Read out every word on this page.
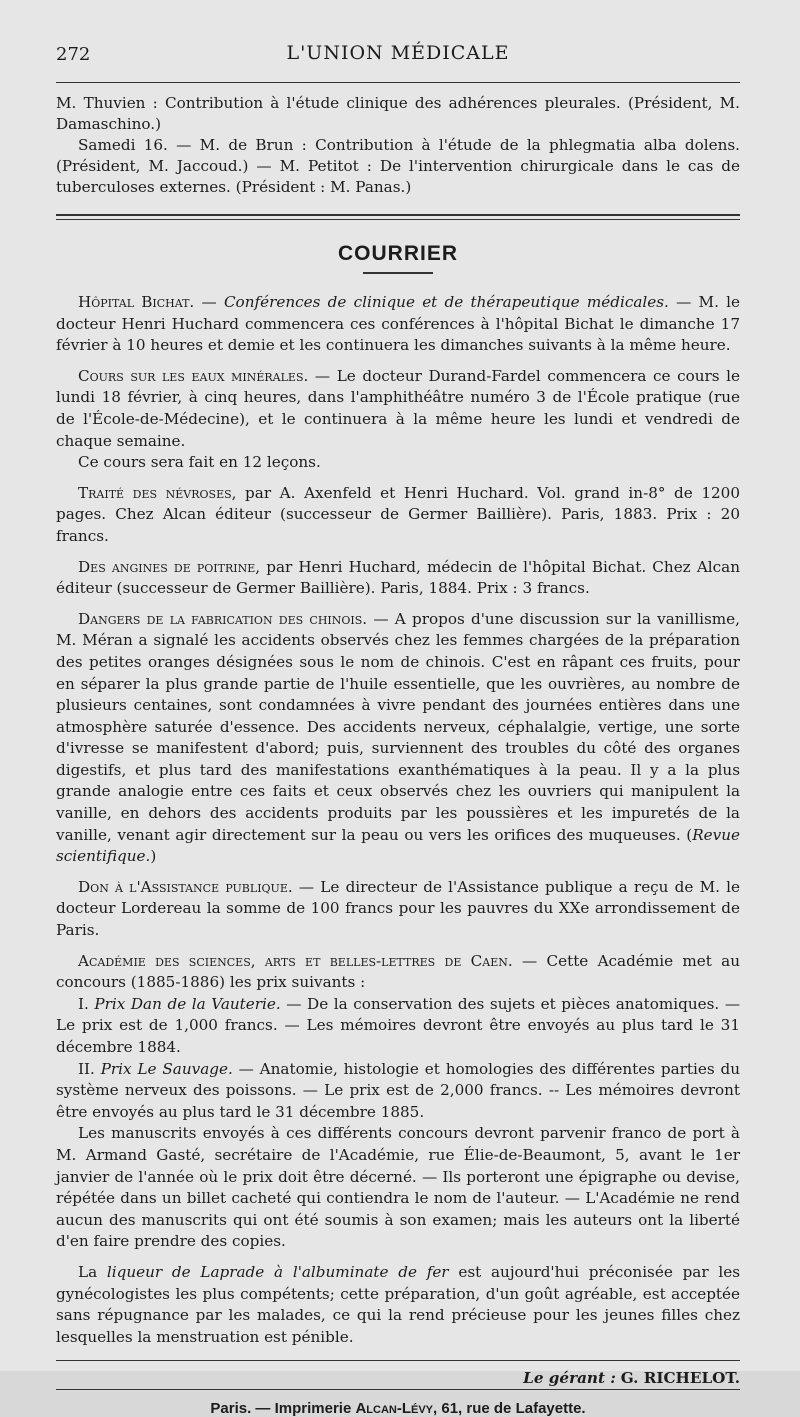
272	L'UNION MÉDICALE

M. Thuvien : Contribution à l'étude clinique des adhérences pleurales. (Président, M. Damaschino.)

Samedi 16. — M. de Brun : Contribution à l'étude de la phlegmatia alba dolens. (Président, M. Jaccoud.) — M. Petitot : De l'intervention chirurgicale dans le cas de tuberculoses externes. (Président : M. Panas.)

COURRIER

Hôpital Bichat. — Conférences de clinique et de thérapeutique médicales. — M. le docteur Henri Huchard commencera ces conférences à l'hôpital Bichat le dimanche 17 février à 10 heures et demie et les continuera les dimanches suivants à la même heure.

Cours sur les eaux minérales. — Le docteur Durand-Fardel commencera ce cours le lundi 18 février, à cinq heures, dans l'amphithéâtre numéro 3 de l'École pratique (rue de l'École-de-Médecine), et le continuera à la même heure les lundi et vendredi de chaque semaine.

Ce cours sera fait en 12 leçons.

Traité des névroses, par A. Axenfeld et Henri Huchard. Vol. grand in-8° de 1200 pages. Chez Alcan éditeur (successeur de Germer Baillière). Paris, 1883. Prix : 20 francs.

Des angines de poitrine, par Henri Huchard, médecin de l'hôpital Bichat. Chez Alcan éditeur (successeur de Germer Baillière). Paris, 1884. Prix : 3 francs.

Dangers de la fabrication des chinois. — A propos d'une discussion sur la vanillisme, M. Méran a signalé les accidents observés chez les femmes chargées de la préparation des petites oranges désignées sous le nom de chinois. C'est en râpant ces fruits, pour en séparer la plus grande partie de l'huile essentielle, que les ouvrières, au nombre de plusieurs centaines, sont condamnées à vivre pendant des journées entières dans une atmosphère saturée d'essence. Des accidents nerveux, céphalalgie, vertige, une sorte d'ivresse se manifestent d'abord; puis, surviennent des troubles du côté des organes digestifs, et plus tard des manifestations exanthématiques à la peau. Il y a la plus grande analogie entre ces faits et ceux observés chez les ouvriers qui manipulent la vanille, en dehors des accidents produits par les poussières et les impuretés de la vanille, venant agir directement sur la peau ou vers les orifices des muqueuses. (Revue scientifique.)

Don à l'Assistance publique. — Le directeur de l'Assistance publique a reçu de M. le docteur Lordereau la somme de 100 francs pour les pauvres du XXe arrondissement de Paris.

Académie des sciences, arts et belles-lettres de Caen. — Cette Académie met au concours (1885-1886) les prix suivants :

I. Prix Dan de la Vauterie. — De la conservation des sujets et pièces anatomiques. — Le prix est de 1,000 francs. — Les mémoires devront être envoyés au plus tard le 31 décembre 1884.

II. Prix Le Sauvage. — Anatomie, histologie et homologies des différentes parties du système nerveux des poissons. — Le prix est de 2,000 francs. -- Les mémoires devront être envoyés au plus tard le 31 décembre 1885.

Les manuscrits envoyés à ces différents concours devront parvenir franco de port à M. Armand Gasté, secrétaire de l'Académie, rue Élie-de-Beaumont, 5, avant le 1er janvier de l'année où le prix doit être décerné. — Ils porteront une épigraphe ou devise, répétée dans un billet cacheté qui contiendra le nom de l'auteur. — L'Académie ne rend aucun des manuscrits qui ont été soumis à son examen; mais les auteurs ont la liberté d'en faire prendre des copies.

La liqueur de Laprade à l'albuminate de fer est aujourd'hui préconisée par les gynécologistes les plus compétents; cette préparation, d'un goût agréable, est acceptée sans répugnance par les malades, ce qui la rend précieuse pour les jeunes filles chez lesquelles la menstruation est pénible.

Le gérant : G. RICHELOT.
Paris. — Imprimerie Alcan-Lévy, 61, rue de Lafayette.
